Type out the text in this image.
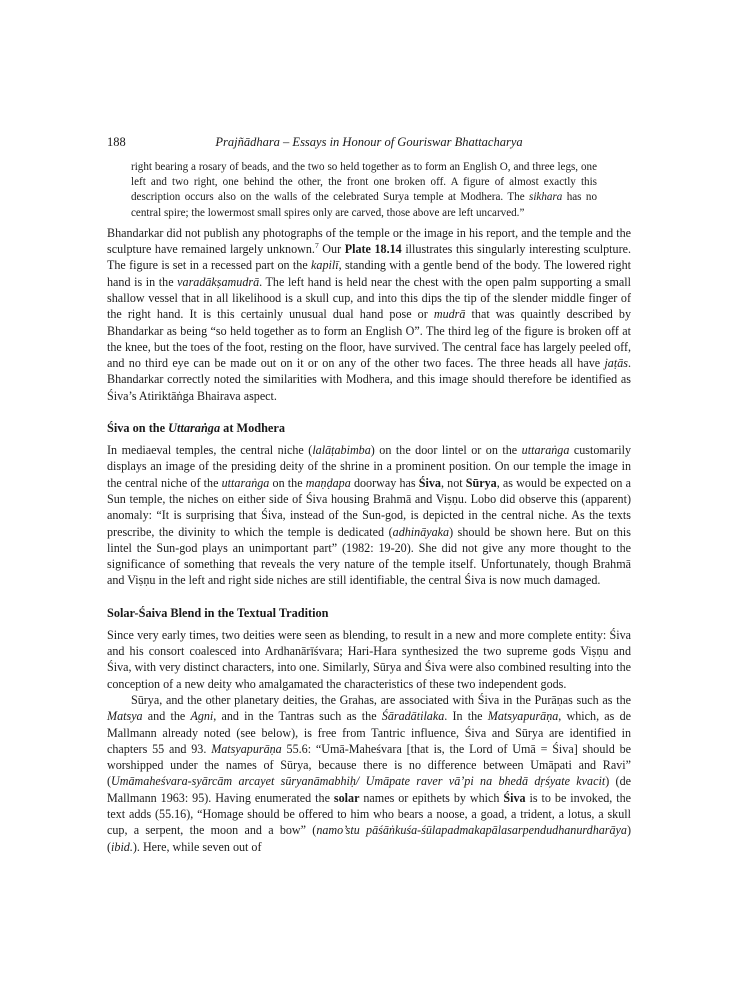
188	Prajñādhara – Essays in Honour of Gouriswar Bhattacharya

right bearing a rosary of beads, and the two so held together as to form an English O, and three legs, one left and two right, one behind the other, the front one broken off. A figure of almost exactly this description occurs also on the walls of the celebrated Surya temple at Modhera. The sikhara has no central spire; the lowermost small spires only are carved, those above are left uncarved.”

Bhandarkar did not publish any photographs of the temple or the image in his report, and the temple and the sculpture have remained largely unknown.$^7$ Our Plate 18.14 illustrates this singularly interesting sculpture. The figure is set in a recessed part on the kapilī, standing with a gentle bend of the body. The lowered right hand is in the varadākṣamudrā. The left hand is held near the chest with the open palm supporting a small shallow vessel that in all likelihood is a skull cup, and into this dips the tip of the slender middle finger of the right hand. It is this certainly unusual dual hand pose or mudrā that was quaintly described by Bhandarkar as being “so held together as to form an English O”. The third leg of the figure is broken off at the knee, but the toes of the foot, resting on the floor, have survived. The central face has largely peeled off, and no third eye can be made out on it or on any of the other two faces. The three heads all have jaṭās. Bhandarkar correctly noted the similarities with Modhera, and this image should therefore be identified as Śiva’s Atiriktāṅga Bhairava aspect.

Śiva on the Uttaraṅga at Modhera

In mediaeval temples, the central niche (lalāṭabimba) on the door lintel or on the uttaraṅga customarily displays an image of the presiding deity of the shrine in a prominent position. On our temple the image in the central niche of the uttaraṅga on the maṇḍapa doorway has Śiva, not Sūrya, as would be expected on a Sun temple, the niches on either side of Śiva housing Brahmā and Viṣṇu. Lobo did observe this (apparent) anomaly: “It is surprising that Śiva, instead of the Sun-god, is depicted in the central niche. As the texts prescribe, the divinity to which the temple is dedicated (adhināyaka) should be shown here. But on this lintel the Sun-god plays an unimportant part” (1982: 19-20). She did not give any more thought to the significance of something that reveals the very nature of the temple itself. Unfortunately, though Brahmā and Viṣṇu in the left and right side niches are still identifiable, the central Śiva is now much damaged.

Solar-Śaiva Blend in the Textual Tradition

Since very early times, two deities were seen as blending, to result in a new and more complete entity: Śiva and his consort coalesced into Ardhanārīśvara; Hari-Hara synthesized the two supreme gods Viṣṇu and Śiva, with very distinct characters, into one. Similarly, Sūrya and Śiva were also combined resulting into the conception of a new deity who amalgamated the characteristics of these two independent gods.

Sūrya, and the other planetary deities, the Grahas, are associated with Śiva in the Purāṇas such as the Matsya and the Agni, and in the Tantras such as the Śāradātilaka. In the Matsyapurāṇa, which, as de Mallmann already noted (see below), is free from Tantric influence, Śiva and Sūrya are identified in chapters 55 and 93. Matsyapurāṇa 55.6: “Umā-Maheśvara [that is, the Lord of Umā = Śiva] should be worshipped under the names of Sūrya, because there is no difference between Umāpati and Ravi” (Umāmaheśvara-syārcām arcayet sūryanāmabhiḥ/ Umāpate raver vā’pi na bhedā dṛśyate kvacit) (de Mallmann 1963: 95). Having enumerated the solar names or epithets by which Śiva is to be invoked, the text adds (55.16), “Homage should be offered to him who bears a noose, a goad, a trident, a lotus, a skull cup, a serpent, the moon and a bow” (namo’stu pāśāṅkuśa-śūlapadmakapālasarpendudhanurdharāya) (ibid.). Here, while seven out of
